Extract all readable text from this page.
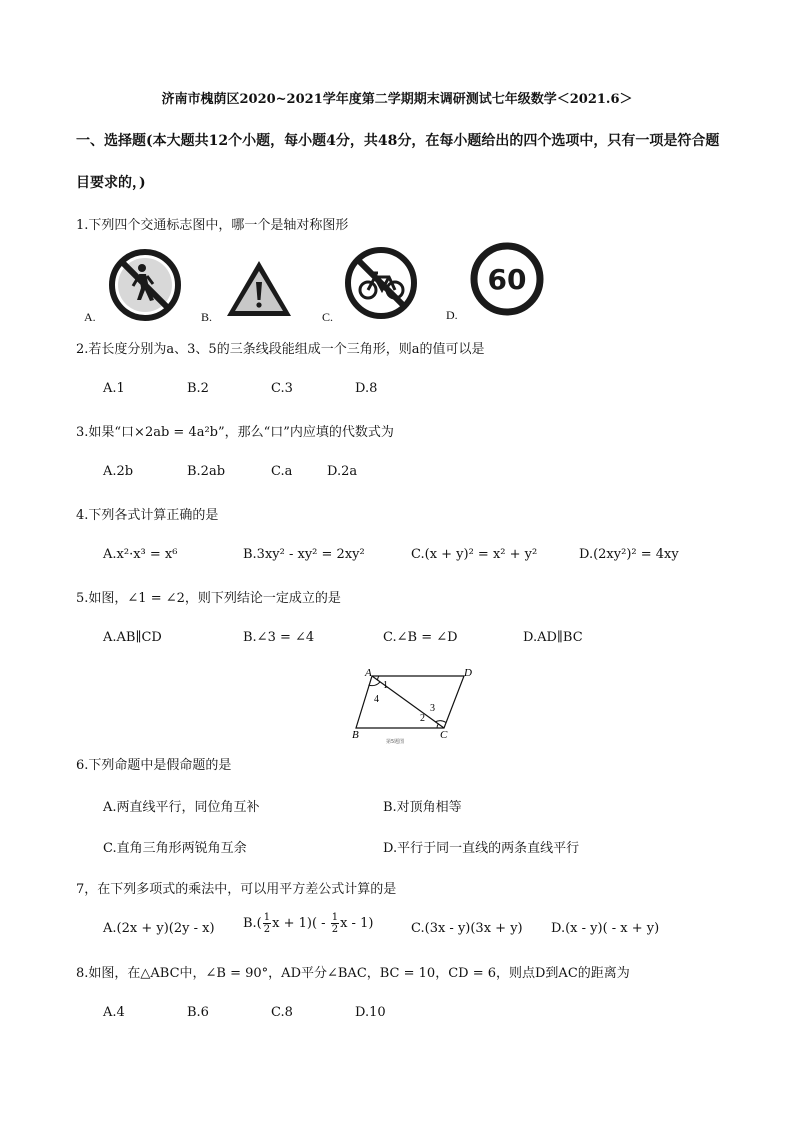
济南市槐荫区2020~2021学年度第二学期期末调研测试七年级数学＜2021.6＞
一、选择题(本大题共12个小题，每小题4分，共48分，在每小题给出的四个选项中，只有一项是符合题
目要求的，)
1.下列四个交通标志图中，哪一个是轴对称图形
A.	B.	C.	D.
60
2.若长度分别为a、3、5的三条线段能组成一个三角形，则a的值可以是
A.1	B.2	C.3	D.8
3.如果“口×2ab = 4a²b”，那么“口”内应填的代数式为
A.2b	B.2ab	C.a	D.2a
4.下列各式计算正确的是
A.x²·x³ = x⁶	B.3xy² - xy² = 2xy²	C.(x + y)² = x² + y²	D.(2xy²)² = 4xy
5.如图，∠1 = ∠2，则下列结论一定成立的是
A.AB∥CD	B.∠3 = ∠4	C.∠B = ∠D	D.AD∥BC
A	D
B	C
1
4
3
2
第5题图
6.下列命题中是假命题的是
A.两直线平行，同位角互补	B.对顶角相等
C.直角三角形两锐角互余	D.平行于同一直线的两条直线平行
7，在下列多项式的乘法中，可以用平方差公式计算的是
A.(2x + y)(2y - x) $B.( \frac{1}{2}$ $x + 1)( - \frac{1}{2}$ x - 1)	C.(3x - y)(3x + y) D.(x - y)( - x + y)
8.如图，在△ABC中，∠B = 90°，AD平分∠BAC，BC = 10，CD = 6，则点D到AC的距离为
A.4	B.6	C.8	D.10
